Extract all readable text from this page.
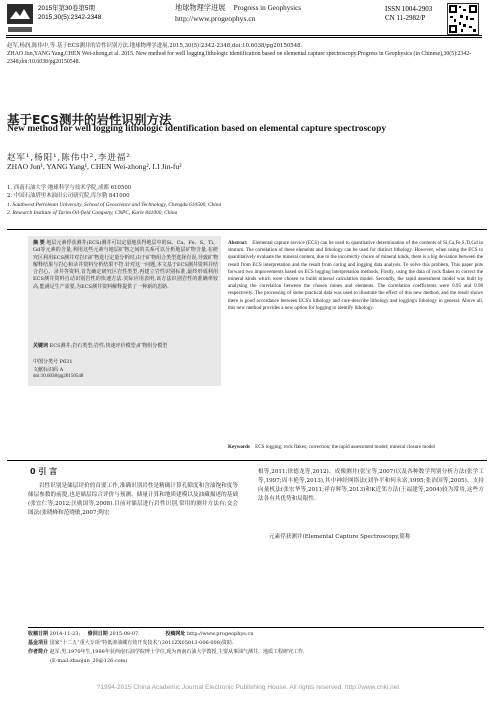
2015年第30卷第5期
2015,30(5):2342-2348
地球物理学进展 Progress in Geophysics
http://www.progeophys.cn
ISSN 1004-2903
CN 11-2982/P
赵军,杨润,陈伟中,等.基于ECS测井的岩性识别方法.地球物理学进展,2015,30(5):2342-2348,doi:10.6038/pg20150548.
ZHAO Jun,YANG Yang,CHEN Wei-zhong,et al. 2015. New method for well logging lithologic identification based on elemental capture spectroscopy.Progress in Geophysics (in Chinese),30(5):2342-2348,doi:10.6038/pg20150548.
基于ECS测井的岩性识别方法
New method for well logging lithologic identification based on elemental capture spectroscopy
赵军¹,杨阳¹,陈伟中²,李进福²
ZHAO Jun¹, YANG Yang¹, CHEN Wei-zhong², LI Jin-fu²
1. 西南石油大学·地球科学与技术学院,成都 610500
2. 中国石油塔里木油田公司研究院,库尔勒 841000
1. Southwest Petroleum University, School of Geoscience and Technology, Chengdu 610500, China
2. Research Institute of Tarim Oil-field Company, CNPC, Kurle 841000, China
摘 要 地层元素俘获测井(ECS)测井可以定量地获得地层中的Si、Ca、Fe、S、Ti、Gd等元素的含量,利用这些元素与地层矿物之间的关系可以分析地层矿物含量.在研究区利用ECS测井对岩石矿物进行定量分析时,由于矿物组合类型选择有误,导致矿物解释结果与岩心和录井资料分析结果不符.针对这一问题,本文基于ECS测井资料并结合岩心、录井等资料,首先确定研究区岩性类型,再建立岩性识别标准,最终形成利用ECS测井资料自动识别岩性的快速方法.实际应用表明,该方法识别岩性的准确率较高,能满足生产需要,为ECS测井资料解释提供了一种新的思路.
关键词 ECS测井;岩石类型;岩性;快速评价模型;矿物组分模型
中图分类号 P631
文献标识码 A
doi:10.6038/pg20150548
Abstract Elemental capture service (ECS) can be used to quantitative determination of the contents of Si,Ca,Fe,S,Ti,Gd in stratum. The correlation of these elements and lithology can be used for distinct lithology. However, when using the ECS to quantitatively evaluate the mineral content, due to the incorrectly choice of mineral kinds, there is a big deviation between the result from ECS interpretation and the result from coring and logging data analysis. To solve this problem, This paper puts forward two improvements based on ECS logging interpretation methods. Firstly, using the data of rock flakes to correct the mineral kinds which were chosen to build mineral calculation model. Secondly, the rapid assessment model was built by analysing the correlation between the chosen mines and elements. The correlation coefficients were 0.95 and 0.98 respectively. The processing of some practical data was used to illustrate the effect of this new method, and the result shows there is good accordance between ECS's lithology and core-describe lithology and logging's lithology in general. Above all, this new method provides a new option for logging to identify lithology.
Keywords ECS logging; rock flakes; correction; the rapid assessment model; mineral closure model
0 引 言
岩性识别是储层评价的首要工作,准确识别岩性是精确计算孔隙度和含油饱和度等储层参数的前提,也是储层综合评价与预测、储量计算和地质建模以及油藏描述的基础(张宜仁等,2012;匡勋国等,2008).目前对储层进行岩性识别,常用的测井方法有:交会图法(张晓峰和范晓敏,2007;陶宏
根等,2011;徐德龙等,2012)、成像测井(张宝等,2007)以及各种数学判别分析方法(张学工等,1997;周丰艳等,2013),其中神经网络法(刘争平和何永富,1995;张治国等,2005)、支持向量机法(张宏华等,2011;祥存辉等,2013)和K近邻方法(王福建等,2004)较为常用,这些方法各有其优势和局限性.
元素俘获测井(Elemental Capture Spectroscopy,简称
收稿日期 2014-11-23; 修回日期 2015-08-07.	投稿网址 http://www.progeophys.cn
基金项目 国家“十二五”重大专项“特低渗油藏有效开发技术”(2011ZX05013-006-008)资助.
作者简介 赵军,男,1970年生,1998年获西南石油学院博士学位,现为西南石油大学教授,主要从事油气测井、地质工程研究工作.
(E-mail:zhaojun_20@126.com)
?1994-2015 China Academic Journal Electronic Publishing House. All rights reserved. http://www.cnki.net
